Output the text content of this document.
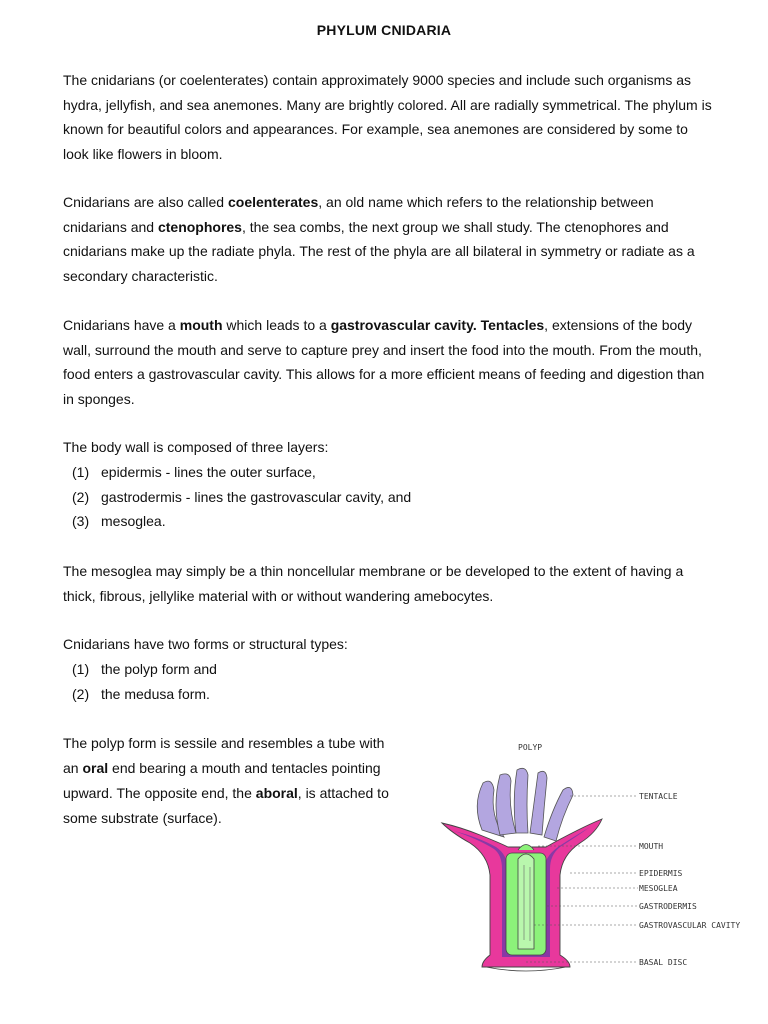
PHYLUM CNIDARIA

The cnidarians (or coelenterates) contain approximately 9000 species and include such organisms as hydra, jellyfish, and sea anemones. Many are brightly colored. All are radially symmetrical. The phylum is known for beautiful colors and appearances. For example, sea anemones are considered by some to look like flowers in bloom.

Cnidarians are also called coelenterates, an old name which refers to the relationship between cnidarians and ctenophores, the sea combs, the next group we shall study. The ctenophores and cnidarians make up the radiate phyla. The rest of the phyla are all bilateral in symmetry or radiate as a secondary characteristic.

Cnidarians have a mouth which leads to a gastrovascular cavity. Tentacles, extensions of the body wall, surround the mouth and serve to capture prey and insert the food into the mouth. From the mouth, food enters a gastrovascular cavity. This allows for a more efficient means of feeding and digestion than in sponges.

The body wall is composed of three layers:

(1) epidermis - lines the outer surface,
(2) gastrodermis - lines the gastrovascular cavity, and
(3) mesoglea.

The mesoglea may simply be a thin noncellular membrane or be developed to the extent of having a thick, fibrous, jellylike material with or without wandering amebocytes.

Cnidarians have two forms or structural types:

(1) the polyp form and
(2) the medusa form.

The polyp form is sessile and resembles a tube with an oral end bearing a mouth and tentacles pointing upward. The opposite end, the aboral, is attached to some substrate (surface).

POLYP
TENTACLE
MOUTH
EPIDERMIS
MESOGLEA
GASTRODERMIS
GASTROVASCULAR CAVITY
BASAL DISC
